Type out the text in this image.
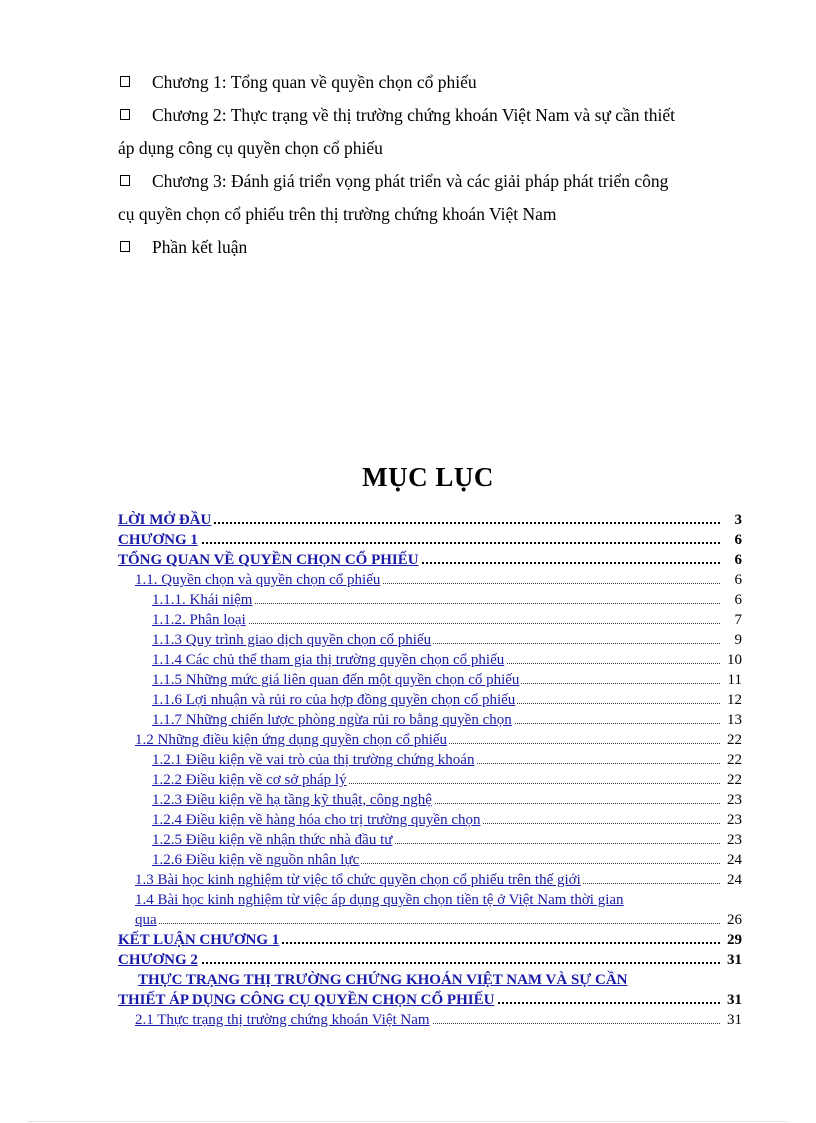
Chương 1: Tổng quan về quyền chọn cổ phiếu
Chương 2: Thực trạng về thị trường chứng khoán Việt Nam và sự cần thiết
áp dụng công cụ quyền chọn cổ phiếu
Chương 3: Đánh giá triển vọng phát triển và các giải pháp phát triển công
cụ quyền chọn cổ phiếu trên thị trường chứng khoán Việt Nam
Phần kết luận
MỤC LỤC
LỜI MỞ ĐẦU	3
CHƯƠNG 1	6
TỔNG QUAN VỀ QUYỀN CHỌN CỔ PHIẾU	6
1.1. Quyền chọn và quyền chọn cổ phiếu	6
1.1.1. Khái niệm	6
1.1.2. Phân loại	7
1.1.3 Quy trình giao dịch quyền chọn cổ phiếu	9
1.1.4 Các chủ thể tham gia thị trường quyền chọn cổ phiếu	10
1.1.5 Những mức giá liên quan đến một quyền chọn cổ phiếu	11
1.1.6 Lợi nhuận và rủi ro của hợp đồng quyền chọn cổ phiếu	12
1.1.7 Những chiến lược phòng ngừa rủi ro bằng quyền chọn	13
1.2 Những điều kiện ứng dụng quyền chọn cổ phiếu	22
1.2.1 Điều kiện về vai trò của thị trường chứng khoán	22
1.2.2 Điều kiện về cơ sở pháp lý	22
1.2.3 Điều kiện về hạ tầng kỹ thuật, công nghệ	23
1.2.4 Điều kiện về hàng hóa cho trị trường quyền chọn	23
1.2.5 Điều kiện về nhận thức nhà đầu tư	23
1.2.6 Điều kiện về nguồn nhân lực	24
1.3 Bài học kinh nghiệm từ việc tổ chức quyền chọn cổ phiếu trên thế giới	24
1.4 Bài học kinh nghiệm từ việc áp dụng quyền chọn tiền tệ ở Việt Nam thời gian
qua	26
KẾT LUẬN CHƯƠNG 1	29
CHƯƠNG 2	31
THỰC TRẠNG THỊ TRƯỜNG CHỨNG KHOÁN VIỆT NAM VÀ SỰ CẦN
THIẾT ÁP DỤNG CÔNG CỤ QUYỀN CHỌN CỔ PHIẾU	31
2.1 Thực trạng thị trường chứng khoán Việt Nam	31
